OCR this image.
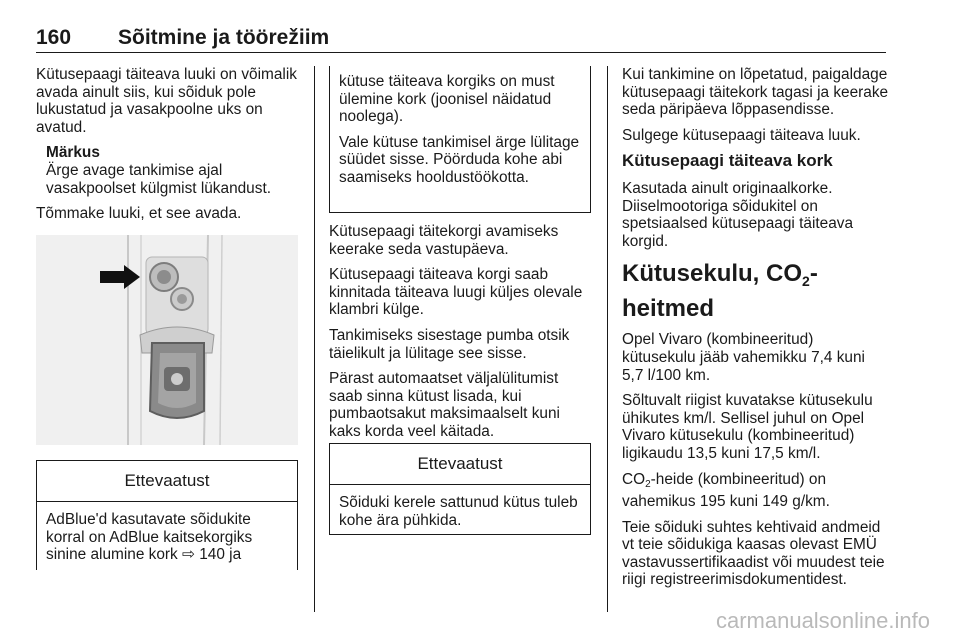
160 Sõitmine ja töörežiim

Kütusepaagi täiteava luuki on võimalik avada ainult siis, kui sõiduk pole lukustatud ja vasakpoolne uks on avatud.

Märkus

Ärge avage tankimise ajal vasakpoolset külgmist lükandust.

Tõmmake luuki, et see avada.

Ettevaatust
AdBlue'd kasutavate sõidukite korral on AdBlue kaitsekorgiks sinine alumine kork ⇨ 140 ja

kütuse täiteava korgiks on must ülemine kork (joonisel näidatud noolega).

Vale kütuse tankimisel ärge lülitage süüdet sisse. Pöörduda kohe abi saamiseks hooldustöökotta.

Kütusepaagi täitekorgi avamiseks keerake seda vastupäeva.

Kütusepaagi täiteava korgi saab kinnitada täiteava luugi küljes olevale klambri külge.

Tankimiseks sisestage pumba otsik täielikult ja lülitage see sisse.

Pärast automaatset väljalülitumist saab sinna kütust lisada, kui pumbaotsakut maksimaalselt kuni kaks korda veel käitada.

Ettevaatust
Sõiduki kerele sattunud kütus tuleb kohe ära pühkida.

Kui tankimine on lõpetatud, paigaldage kütusepaagi täitekork tagasi ja keerake seda päripäeva lõppasendisse.

Sulgege kütusepaagi täiteava luuk.

Kütusepaagi täiteava kork

Kasutada ainult originaalkorke. Diiselmootoriga sõidukitel on spetsiaalsed kütusepaagi täiteava korgid.

Kütusekulu, $CO_2$-heitmed

Opel Vivaro (kombineeritud) kütusekulu jääb vahemikku 7,4 kuni 5,7 l/100 km.

Sõltuvalt riigist kuvatakse kütusekulu ühikutes km/l. Sellisel juhul on Opel Vivaro kütusekulu (kombineeritud) ligikaudu 13,5 kuni 17,5 km/l.

$CO_2$-heide (kombineeritud) on vahemikus 195 kuni 149 g/km.

Teie sõiduki suhtes kehtivaid andmeid vt teie sõidukiga kaasas olevast EMÜ vastavussertifikaadist või muudest teie riigi registreerimisdokumentidest.

carmanualsonline.info
